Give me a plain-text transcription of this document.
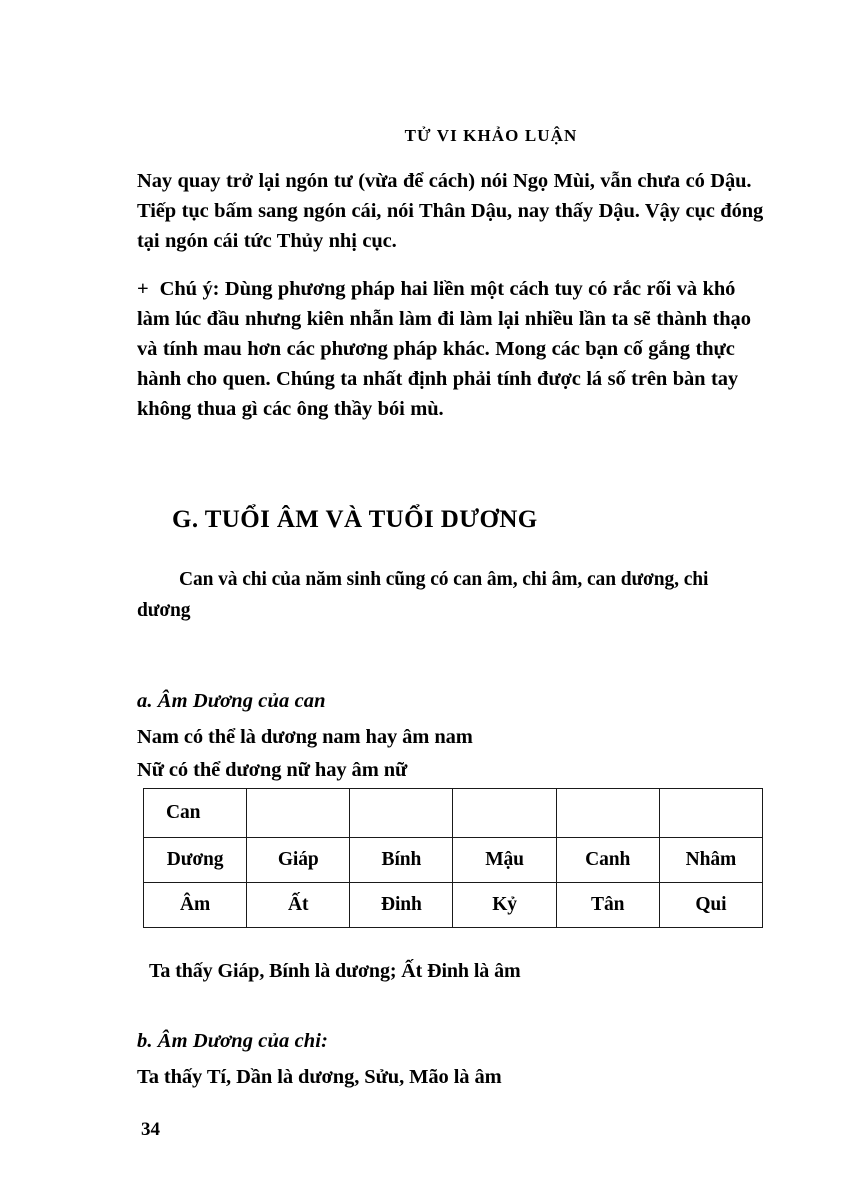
TỬ VI KHẢO LUẬN

Nay quay trở lại ngón tư (vừa để cách) nói Ngọ Mùi, vẫn chưa có Dậu. Tiếp tục bấm sang ngón cái, nói Thân Dậu, nay thấy Dậu. Vậy cục đóng tại ngón cái tức Thủy nhị cục.

+ Chú ý: Dùng phương pháp hai liền một cách tuy có rắc rối và khó làm lúc đầu nhưng kiên nhẫn làm đi làm lại nhiều lần ta sẽ thành thạo và tính mau hơn các phương pháp khác. Mong các bạn cố gắng thực hành cho quen. Chúng ta nhất định phải tính được lá số trên bàn tay không thua gì các ông thầy bói mù.

G. TUỔI ÂM VÀ TUỔI DƯƠNG

Can và chi của năm sinh cũng có can âm, chi âm, can dương, chi dương

a. Âm Dương của can

Nam có thể là dương nam hay âm nam

Nữ có thể dương nữ hay âm nữ

Can					
Dương	Giáp	Bính	Mậu	Canh	Nhâm
Âm	Ất	Đinh	Kỷ	Tân	Qui

Ta thấy Giáp, Bính là dương; Ất Đinh là âm

b. Âm Dương của chi:

Ta thấy Tí, Dần là dương, Sửu, Mão là âm

34
